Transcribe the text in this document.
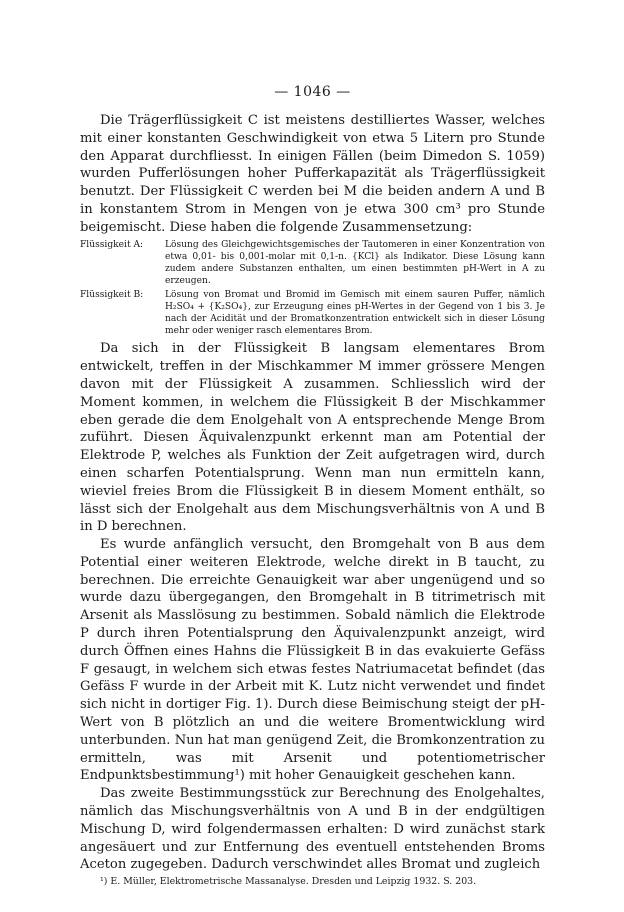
— 1046 —

Die Trägerflüssigkeit C ist meistens destilliertes Wasser, welches mit einer konstanten Geschwindigkeit von etwa 5 Litern pro Stunde den Apparat durchfliesst. In einigen Fällen (beim Dimedon S. 1059) wurden Pufferlösungen hoher Pufferkapazität als Trägerflüssigkeit benutzt. Der Flüssigkeit C werden bei M die beiden andern A und B in konstantem Strom in Mengen von je etwa 300 cm³ pro Stunde beigemischt. Diese haben die folgende Zusammensetzung:

Flüssigkeit A:	Lösung des Gleichgewichtsgemisches der Tautomeren in einer Konzentration von etwa 0,01- bis 0,001-molar mit 0,1-n. {KCl} als Indikator. Diese Lösung kann zudem andere Substanzen enthalten, um einen bestimmten pH-Wert in A zu erzeugen.
Flüssigkeit B:	Lösung von Bromat und Bromid im Gemisch mit einem sauren Puffer, nämlich H₂SO₄ + {K₂SO₄}, zur Erzeugung eines pH-Wertes in der Gegend von 1 bis 3. Je nach der Acidität und der Bromatkonzentration entwickelt sich in dieser Lösung mehr oder weniger rasch elementares Brom.

Da sich in der Flüssigkeit B langsam elementares Brom entwickelt, treffen in der Mischkammer M immer grössere Mengen davon mit der Flüssigkeit A zusammen. Schliesslich wird der Moment kommen, in welchem die Flüssigkeit B der Mischkammer eben gerade die dem Enolgehalt von A entsprechende Menge Brom zuführt. Diesen Äquivalenzpunkt erkennt man am Potential der Elektrode P, welches als Funktion der Zeit aufgetragen wird, durch einen scharfen Potentialsprung. Wenn man nun ermitteln kann, wieviel freies Brom die Flüssigkeit B in diesem Moment enthält, so lässt sich der Enolgehalt aus dem Mischungsverhältnis von A und B in D berechnen.

Es wurde anfänglich versucht, den Bromgehalt von B aus dem Potential einer weiteren Elektrode, welche direkt in B taucht, zu berechnen. Die erreichte Genauigkeit war aber ungenügend und so wurde dazu übergegangen, den Bromgehalt in B titrimetrisch mit Arsenit als Masslösung zu bestimmen. Sobald nämlich die Elektrode P durch ihren Potentialsprung den Äquivalenzpunkt anzeigt, wird durch Öffnen eines Hahns die Flüssigkeit B in das evakuierte Gefäss F gesaugt, in welchem sich etwas festes Natriumacetat befindet (das Gefäss F wurde in der Arbeit mit K. Lutz nicht verwendet und findet sich nicht in dortiger Fig. 1). Durch diese Beimischung steigt der pH-Wert von B plötzlich an und die weitere Bromentwicklung wird unterbunden. Nun hat man genügend Zeit, die Bromkonzentration zu ermitteln, was mit Arsenit und potentiometrischer Endpunktsbestimmung¹) mit hoher Genauigkeit geschehen kann.

Das zweite Bestimmungsstück zur Berechnung des Enolgehaltes, nämlich das Mischungsverhältnis von A und B in der endgültigen Mischung D, wird folgendermassen erhalten: D wird zunächst stark angesäuert und zur Entfernung des eventuell entstehenden Broms Aceton zugegeben. Dadurch verschwindet alles Bromat und zugleich

¹) E. Müller, Elektrometrische Massanalyse. Dresden und Leipzig 1932. S. 203.
